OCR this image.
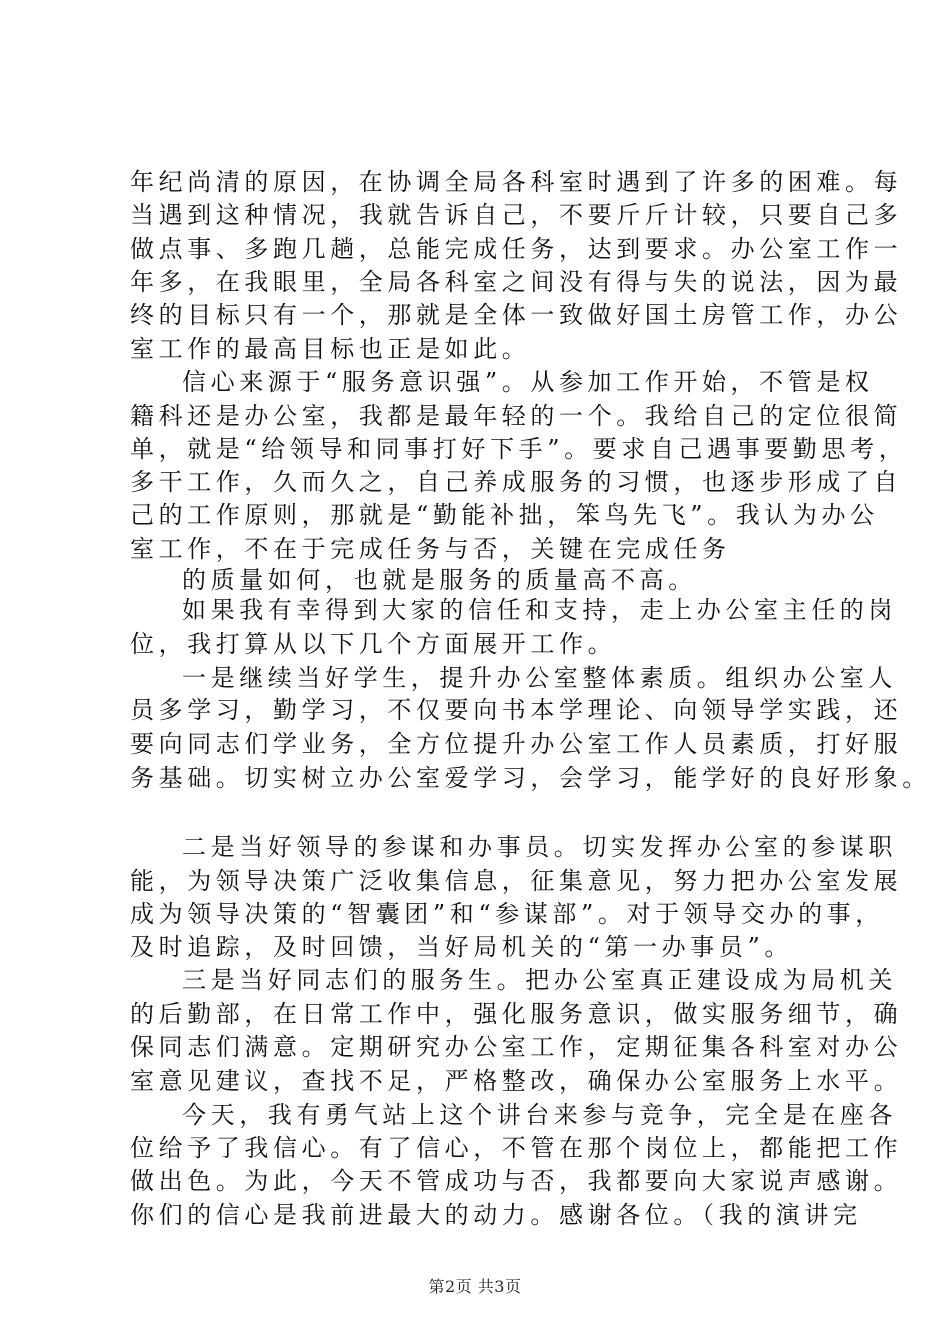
年纪尚清的原因，在协调全局各科室时遇到了许多的困难。每
当遇到这种情况，我就告诉自己，不要斤斤计较，只要自己多
做点事、多跑几趟，总能完成任务，达到要求。办公室工作一
年多，在我眼里，全局各科室之间没有得与失的说法，因为最
终的目标只有一个，那就是全体一致做好国土房管工作，办公
室工作的最高目标也正是如此。
信心来源于“服务意识强”。从参加工作开始，不管是权
籍科还是办公室，我都是最年轻的一个。我给自己的定位很简
单，就是“给领导和同事打好下手”。要求自己遇事要勤思考，
多干工作，久而久之，自己养成服务的习惯，也逐步形成了自
己的工作原则，那就是“勤能补拙，笨鸟先飞”。我认为办公
室工作，不在于完成任务与否，关键在完成任务
的质量如何，也就是服务的质量高不高。
如果我有幸得到大家的信任和支持，走上办公室主任的岗
位，我打算从以下几个方面展开工作。
一是继续当好学生，提升办公室整体素质。组织办公室人
员多学习，勤学习，不仅要向书本学理论、向领导学实践，还
要向同志们学业务，全方位提升办公室工作人员素质，打好服
务基础。切实树立办公室爱学习，会学习，能学好的良好形象。
二是当好领导的参谋和办事员。切实发挥办公室的参谋职
能，为领导决策广泛收集信息，征集意见，努力把办公室发展
成为领导决策的“智囊团”和“参谋部”。对于领导交办的事，
及时追踪，及时回馈，当好局机关的“第一办事员”。
三是当好同志们的服务生。把办公室真正建设成为局机关
的后勤部，在日常工作中，强化服务意识，做实服务细节，确
保同志们满意。定期研究办公室工作，定期征集各科室对办公
室意见建议，查找不足，严格整改，确保办公室服务上水平。
今天，我有勇气站上这个讲台来参与竞争，完全是在座各
位给予了我信心。有了信心，不管在那个岗位上，都能把工作
做出色。为此，今天不管成功与否，我都要向大家说声感谢。
你们的信心是我前进最大的动力。感谢各位。（我的演讲完
第2页 共3页
